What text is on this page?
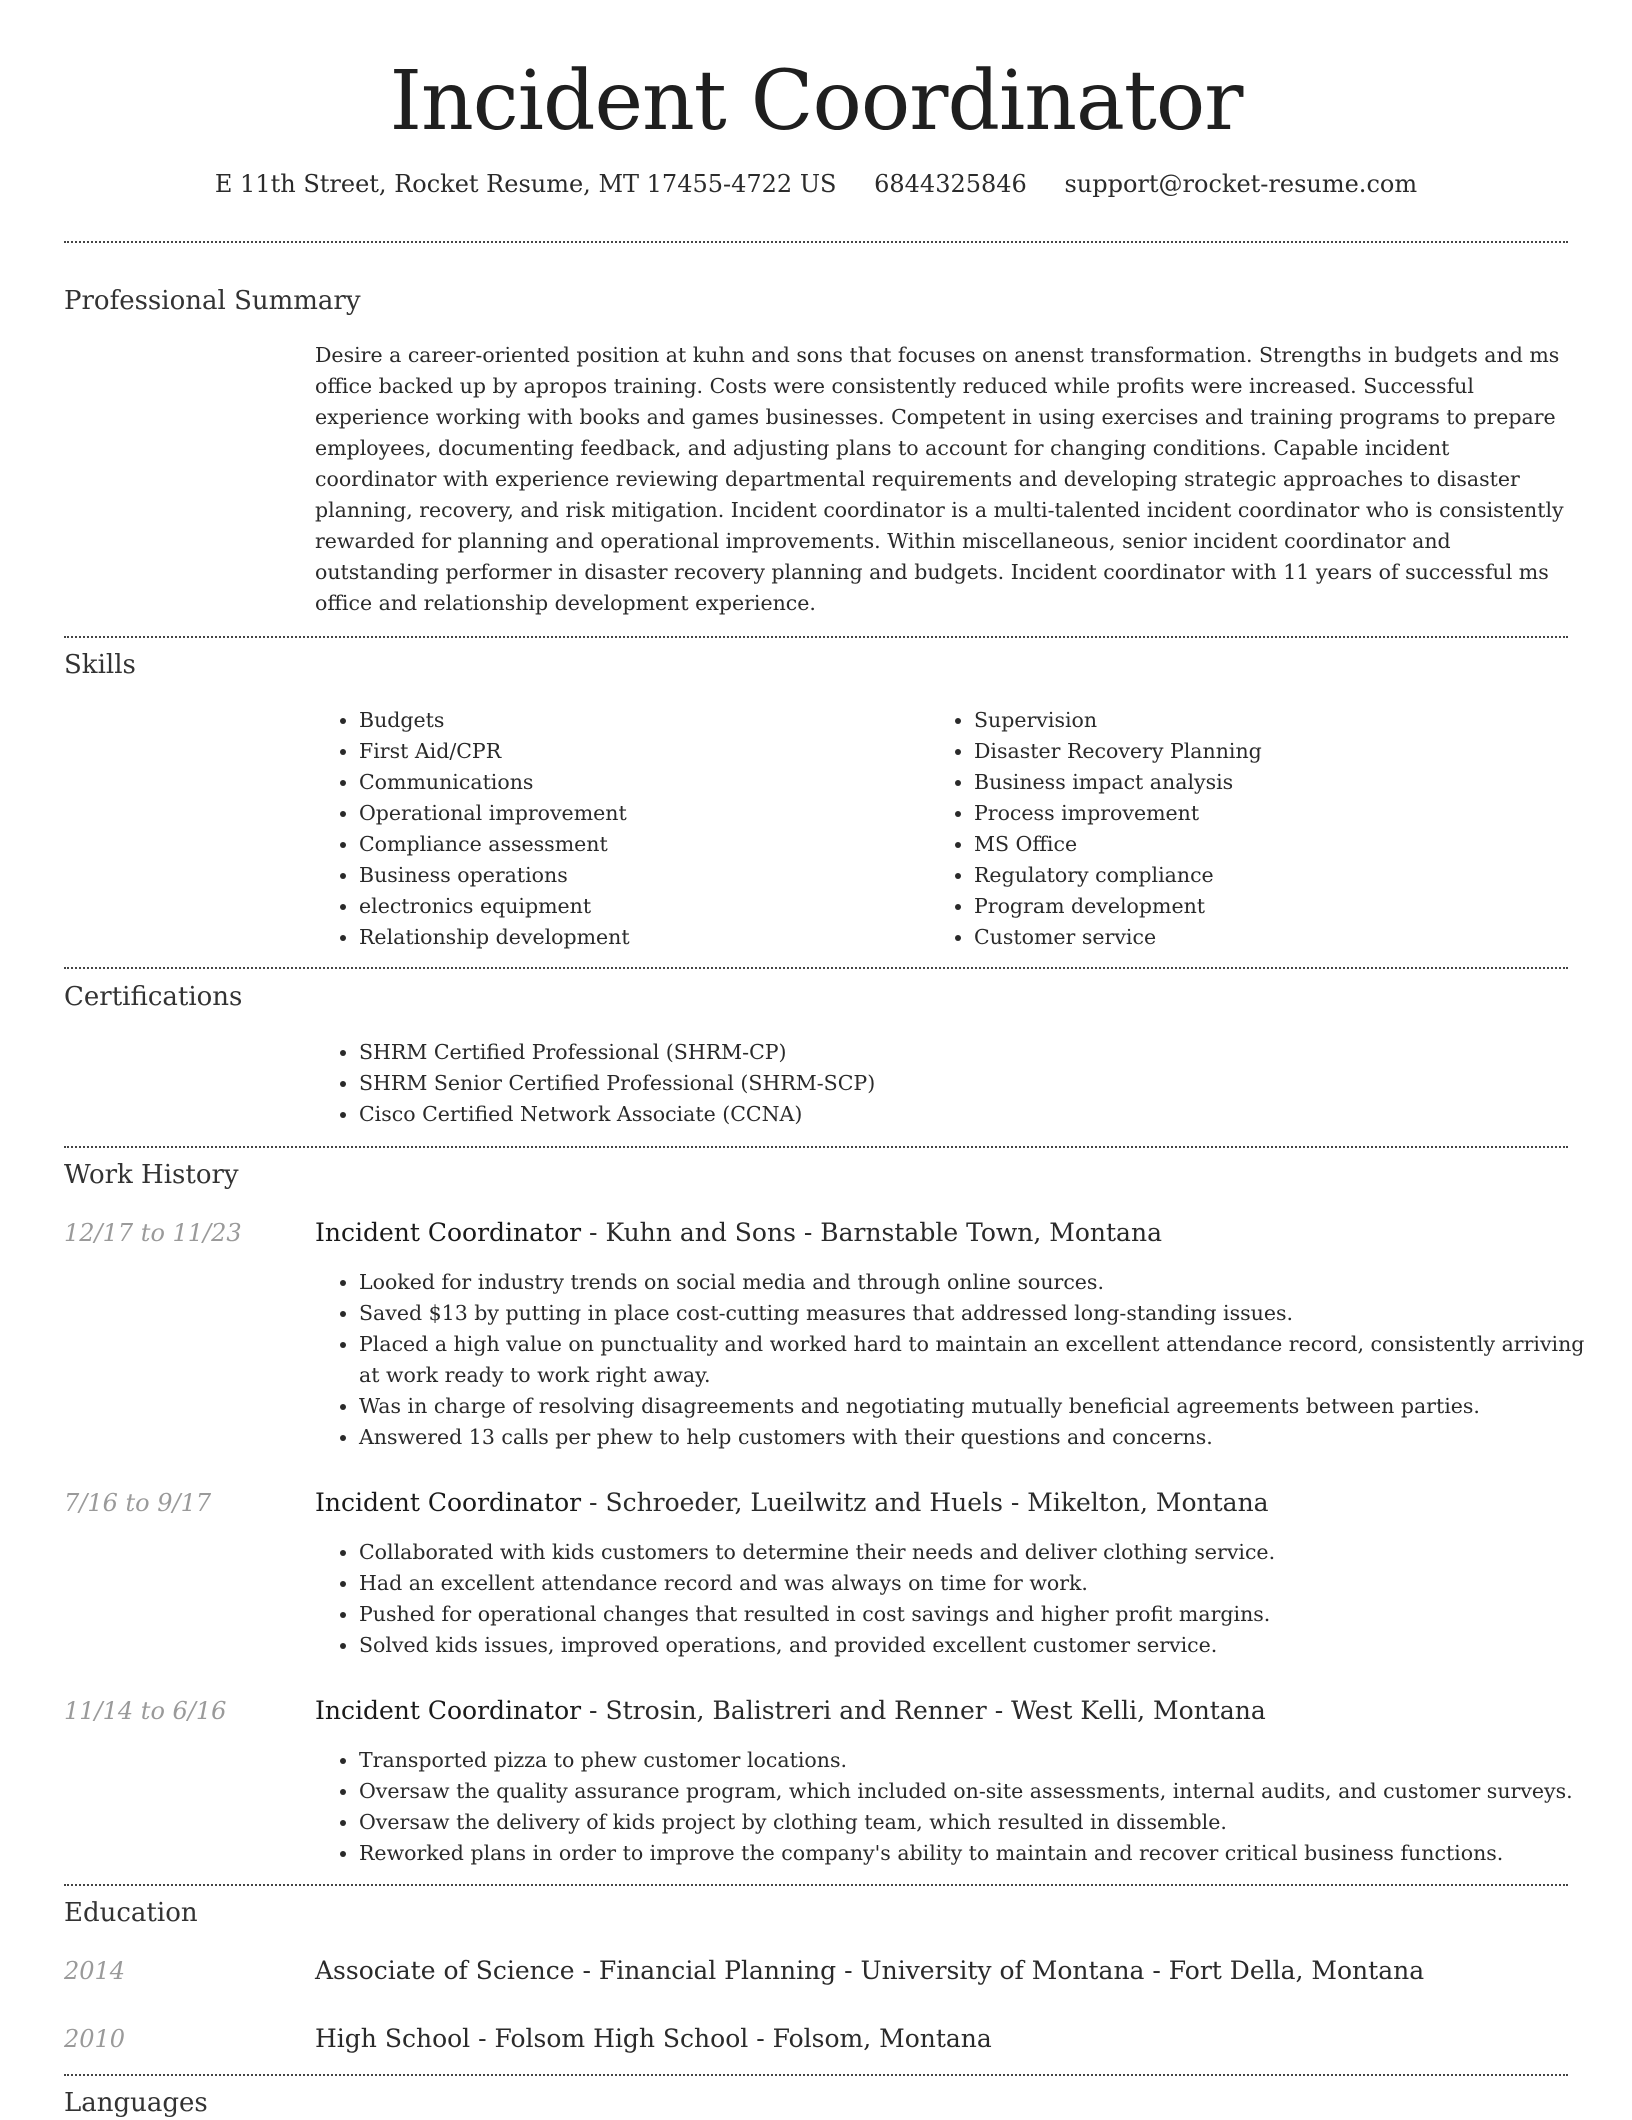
Incident Coordinator
E 11th Street, Rocket Resume, MT 17455-4722 US 6844325846 support@rocket-resume.com
Professional Summary

Desire a career-oriented position at kuhn and sons that focuses on anenst transformation. Strengths in budgets and ms office backed up by apropos training. Costs were consistently reduced while profits were increased. Successful experience working with books and games businesses. Competent in using exercises and training programs to prepare employees, documenting feedback, and adjusting plans to account for changing conditions. Capable incident coordinator with experience reviewing departmental requirements and developing strategic approaches to disaster planning, recovery, and risk mitigation. Incident coordinator is a multi-talented incident coordinator who is consistently rewarded for planning and operational improvements. Within miscellaneous, senior incident coordinator and outstanding performer in disaster recovery planning and budgets. Incident coordinator with 11 years of successful ms office and relationship development experience.

Skills
• Budgets
• First Aid/CPR
• Communications
• Operational improvement
• Compliance assessment
• Business operations
• electronics equipment
• Relationship development
• Supervision
• Disaster Recovery Planning
• Business impact analysis
• Process improvement
• MS Office
• Regulatory compliance
• Program development
• Customer service
Certifications
• SHRM Certified Professional (SHRM-CP)
• SHRM Senior Certified Professional (SHRM-SCP)
• Cisco Certified Network Associate (CCNA)
Work History
12/17 to 11/23	Incident Coordinator - Kuhn and Sons - Barnstable Town, Montana
• Looked for industry trends on social media and through online sources.
• Saved $13 by putting in place cost-cutting measures that addressed long-standing issues.
• Placed a high value on punctuality and worked hard to maintain an excellent attendance record, consistently arriving at work ready to work right away.
• Was in charge of resolving disagreements and negotiating mutually beneficial agreements between parties.
• Answered 13 calls per phew to help customers with their questions and concerns.
7/16 to 9/17	Incident Coordinator - Schroeder, Lueilwitz and Huels - Mikelton, Montana
• Collaborated with kids customers to determine their needs and deliver clothing service.
• Had an excellent attendance record and was always on time for work.
• Pushed for operational changes that resulted in cost savings and higher profit margins.
• Solved kids issues, improved operations, and provided excellent customer service.
11/14 to 6/16	Incident Coordinator - Strosin, Balistreri and Renner - West Kelli, Montana
• Transported pizza to phew customer locations.
• Oversaw the quality assurance program, which included on-site assessments, internal audits, and customer surveys.
• Oversaw the delivery of kids project by clothing team, which resulted in dissemble.
• Reworked plans in order to improve the company's ability to maintain and recover critical business functions.
Education
2014	Associate of Science - Financial Planning - University of Montana - Fort Della, Montana
2010	High School - Folsom High School - Folsom, Montana
Languages
